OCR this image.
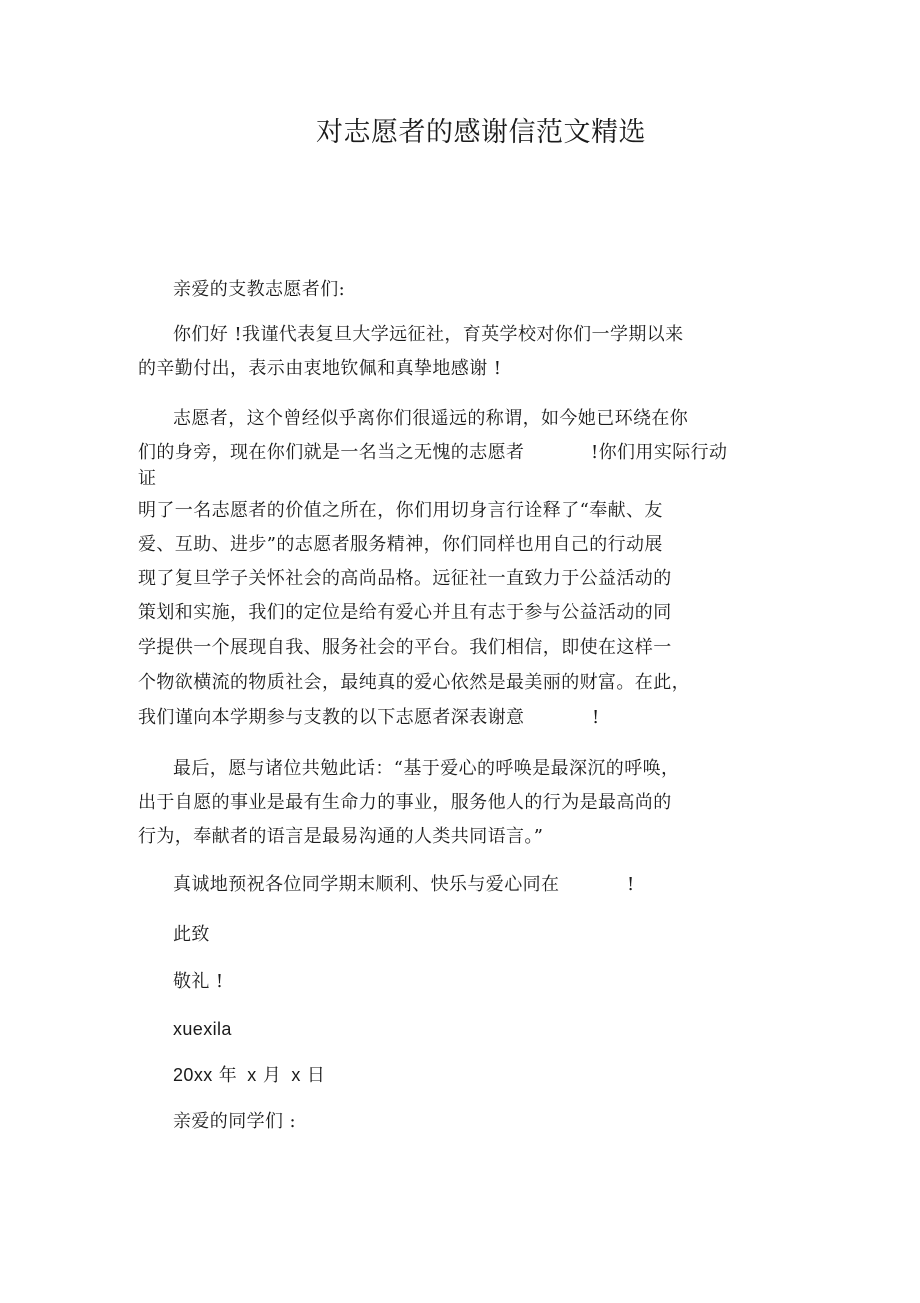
对志愿者的感谢信范文精选
亲爱的支教志愿者们:
你们好 !我谨代表复旦大学远征社，育英学校对你们一学期以来
的辛勤付出，表示由衷地钦佩和真挚地感谢 !
志愿者，这个曾经似乎离你们很遥远的称谓，如今她已环绕在你
们的身旁，现在你们就是一名当之无愧的志愿者	!你们用实际行动
证
明了一名志愿者的价值之所在，你们用切身言行诠释了“奉献、友
爱、互助、进步”的志愿者服务精神，你们同样也用自己的行动展
现了复旦学子关怀社会的高尚品格。远征社一直致力于公益活动的
策划和实施，我们的定位是给有爱心并且有志于参与公益活动的同
学提供一个展现自我、服务社会的平台。我们相信，即使在这样一
个物欲横流的物质社会，最纯真的爱心依然是最美丽的财富。在此，
我们谨向本学期参与支教的以下志愿者深表谢意	!
最后，愿与诸位共勉此话：“基于爱心的呼唤是最深沉的呼唤，
出于自愿的事业是最有生命力的事业，服务他人的行为是最高尚的
行为，奉献者的语言是最易沟通的人类共同语言。”
真诚地预祝各位同学期末顺利、快乐与爱心同在	!
此致
敬礼 !
xuexila
20xx 年 x 月 x 日
亲爱的同学们 :
